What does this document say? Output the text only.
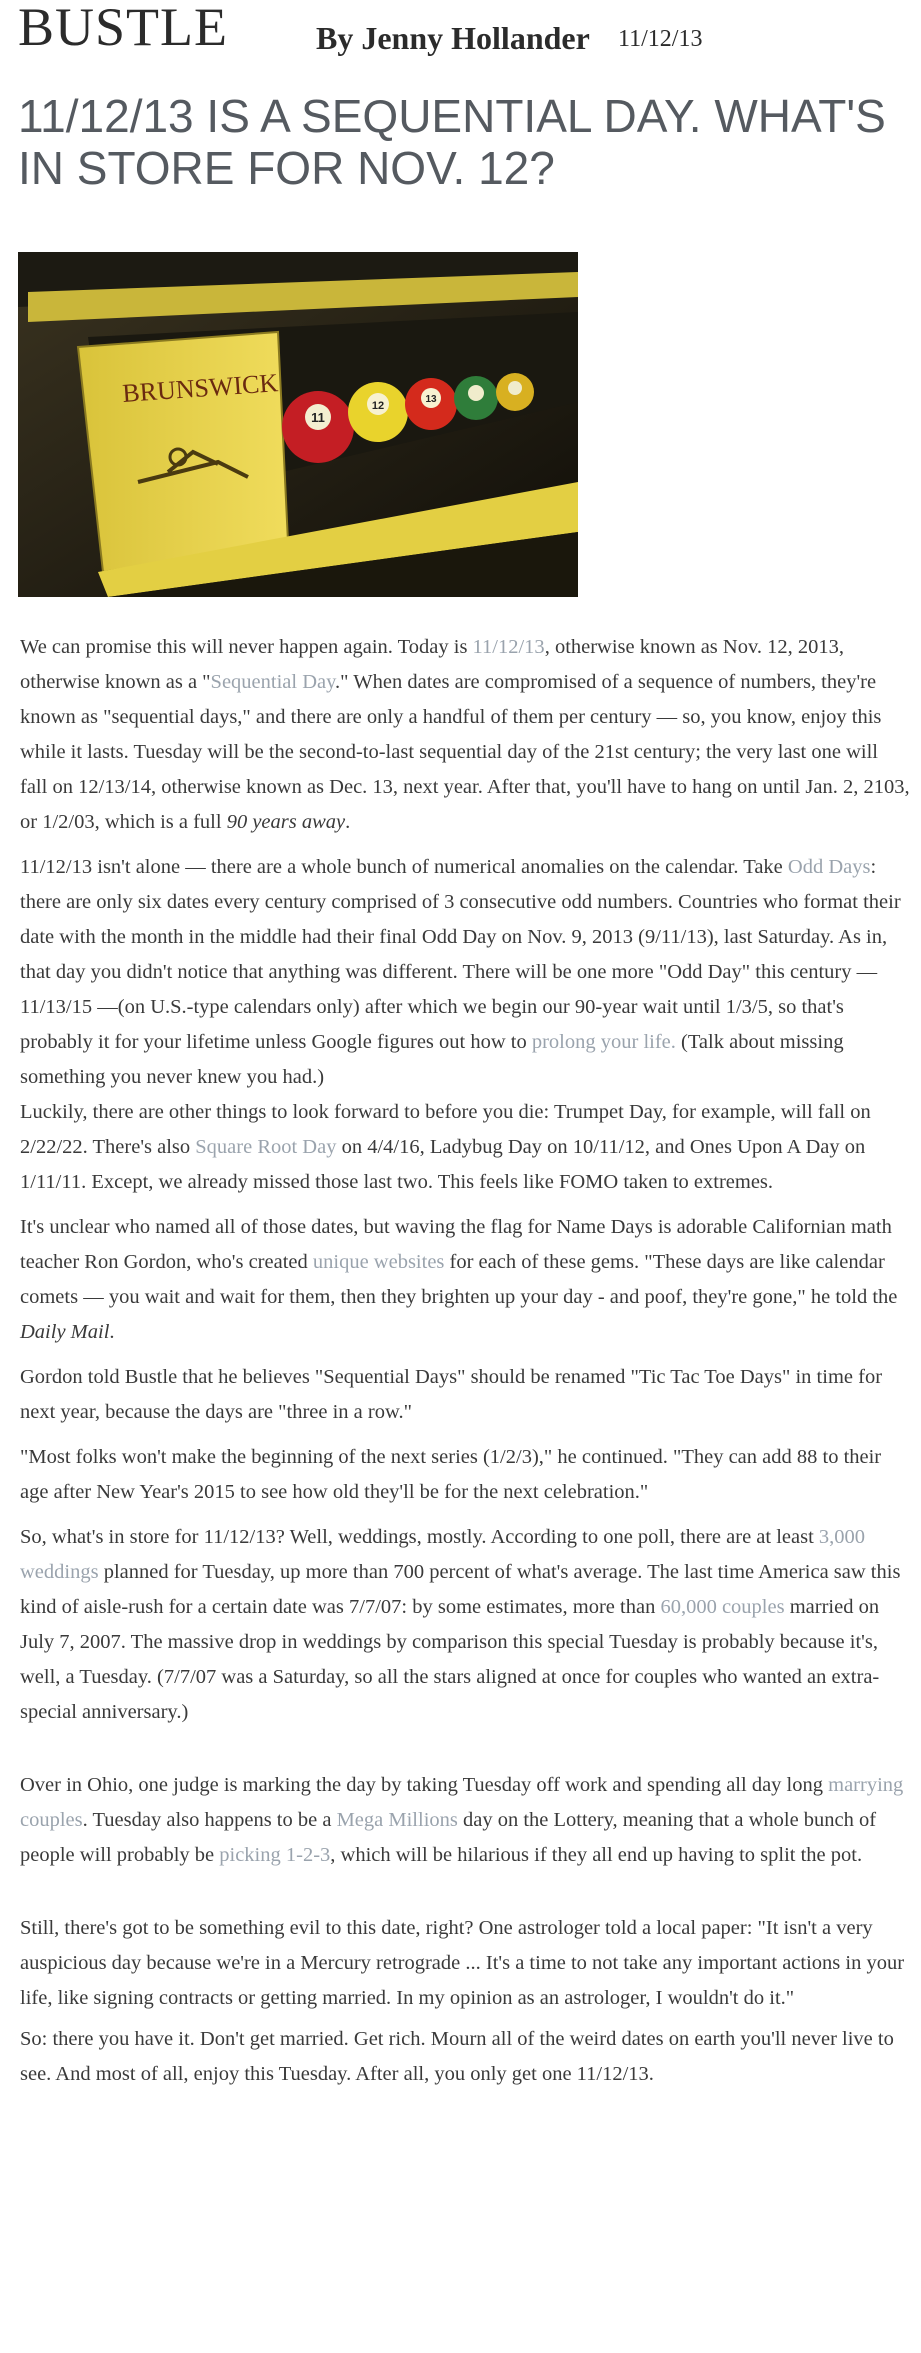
BUSTLE	By Jenny Hollander 11/12/13
11/12/13 IS A SEQUENTIAL DAY. WHAT'S IN STORE FOR NOV. 12?
BRUNSWICK
11
12
13

We can promise this will never happen again. Today is 11/12/13, otherwise known as Nov. 12, 2013, otherwise known as a "Sequential Day." When dates are compromised of a sequence of numbers, they're known as "sequential days," and there are only a handful of them per century — so, you know, enjoy this while it lasts. Tuesday will be the second-to-last sequential day of the 21st century; the very last one will fall on 12/13/14, otherwise known as Dec. 13, next year. After that, you'll have to hang on until Jan. 2, 2103, or 1/2/03, which is a full 90 years away.

11/12/13 isn't alone — there are a whole bunch of numerical anomalies on the calendar. Take Odd Days: there are only six dates every century comprised of 3 consecutive odd numbers. Countries who format their date with the month in the middle had their final Odd Day on Nov. 9, 2013 (9/11/13), last Saturday. As in, that day you didn't notice that anything was different. There will be one more "Odd Day" this century —11/13/15 —(on U.S.-type calendars only) after which we begin our 90-year wait until 1/3/5, so that's probably it for your lifetime unless Google figures out how to prolong your life. (Talk about missing something you never knew you had.)

Luckily, there are other things to look forward to before you die: Trumpet Day, for example, will fall on 2/22/22. There's also Square Root Day on 4/4/16, Ladybug Day on 10/11/12, and Ones Upon A Day on 1/11/11. Except, we already missed those last two. This feels like FOMO taken to extremes.

It's unclear who named all of those dates, but waving the flag for Name Days is adorable Californian math teacher Ron Gordon, who's created unique websites for each of these gems. "These days are like calendar comets — you wait and wait for them, then they brighten up your day - and poof, they're gone," he told the Daily Mail.

Gordon told Bustle that he believes "Sequential Days" should be renamed "Tic Tac Toe Days" in time for next year, because the days are "three in a row."

"Most folks won't make the beginning of the next series (1/2/3)," he continued. "They can add 88 to their age after New Year's 2015 to see how old they'll be for the next celebration."

So, what's in store for 11/12/13? Well, weddings, mostly. According to one poll, there are at least 3,000 weddings planned for Tuesday, up more than 700 percent of what's average. The last time America saw this kind of aisle-rush for a certain date was 7/7/07: by some estimates, more than 60,000 couples married on July 7, 2007. The massive drop in weddings by comparison this special Tuesday is probably because it's, well, a Tuesday. (7/7/07 was a Saturday, so all the stars aligned at once for couples who wanted an extra-special anniversary.)

Over in Ohio, one judge is marking the day by taking Tuesday off work and spending all day long marrying couples. Tuesday also happens to be a Mega Millions day on the Lottery, meaning that a whole bunch of people will probably be picking 1-2-3, which will be hilarious if they all end up having to split the pot.

Still, there's got to be something evil to this date, right? One astrologer told a local paper: "It isn't a very auspicious day because we're in a Mercury retrograde ... It's a time to not take any important actions in your life, like signing contracts or getting married. In my opinion as an astrologer, I wouldn't do it."

So: there you have it. Don't get married. Get rich. Mourn all of the weird dates on earth you'll never live to see. And most of all, enjoy this Tuesday. After all, you only get one 11/12/13.
